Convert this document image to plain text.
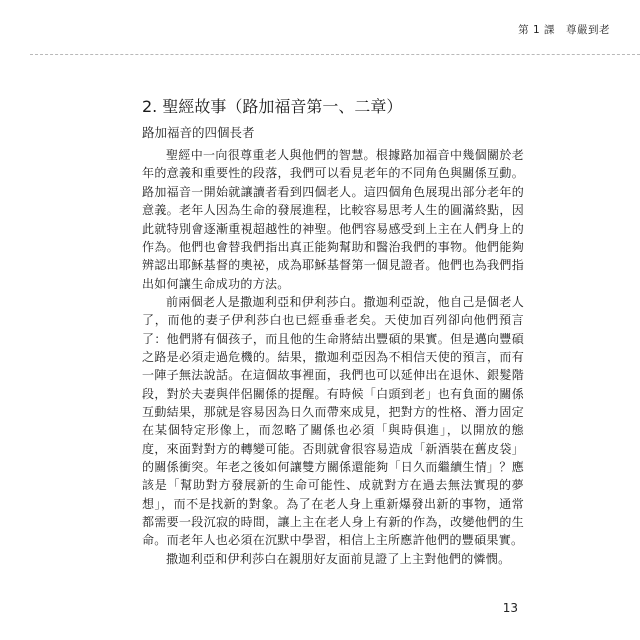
第 1 課　尊嚴到老
2. 聖經故事（路加福音第一、二章）
路加福音的四個長者

聖經中一向很尊重老人與他們的智慧。根據路加福音中幾個關於老年的意義和重要性的段落，我們可以看見老年的不同角色與關係互動。路加福音一開始就讓讀者看到四個老人。這四個角色展現出部分老年的意義。老年人因為生命的發展進程，比較容易思考人生的圓滿終點，因此就特別會逐漸重視超越性的神聖。他們容易感受到上主在人們身上的作為。他們也會替我們指出真正能夠幫助和醫治我們的事物。他們能夠辨認出耶穌基督的奧祕，成為耶穌基督第一個見證者。他們也為我們指出如何讓生命成功的方法。

前兩個老人是撒迦利亞和伊利莎白。撒迦利亞說，他自己是個老人了，而他的妻子伊利莎白也已經垂垂老矣。天使加百列卻向他們預言了：他們將有個孩子，而且他的生命將結出豐碩的果實。但是邁向豐碩之路是必須走過危機的。結果，撒迦利亞因為不相信天使的預言，而有一陣子無法說話。在這個故事裡面，我們也可以延伸出在退休、銀髮階段，對於夫妻與伴侶關係的提醒。有時候「白頭到老」也有負面的關係互動結果，那就是容易因為日久而帶來成見，把對方的性格、潛力固定在某個特定形像上，而忽略了關係也必須「與時俱進」，以開放的態度，來面對對方的轉變可能。否則就會很容易造成「新酒裝在舊皮袋」的關係衝突。年老之後如何讓雙方關係還能夠「日久而繼續生情」？應該是「幫助對方發展新的生命可能性、成就對方在過去無法實現的夢想」，而不是找新的對象。為了在老人身上重新爆發出新的事物，通常都需要一段沉寂的時間，讓上主在老人身上有新的作為，改變他們的生命。而老年人也必須在沉默中學習，相信上主所應許他們的豐碩果實。

撒迦利亞和伊利莎白在親朋好友面前見證了上主對他們的憐憫。

13
